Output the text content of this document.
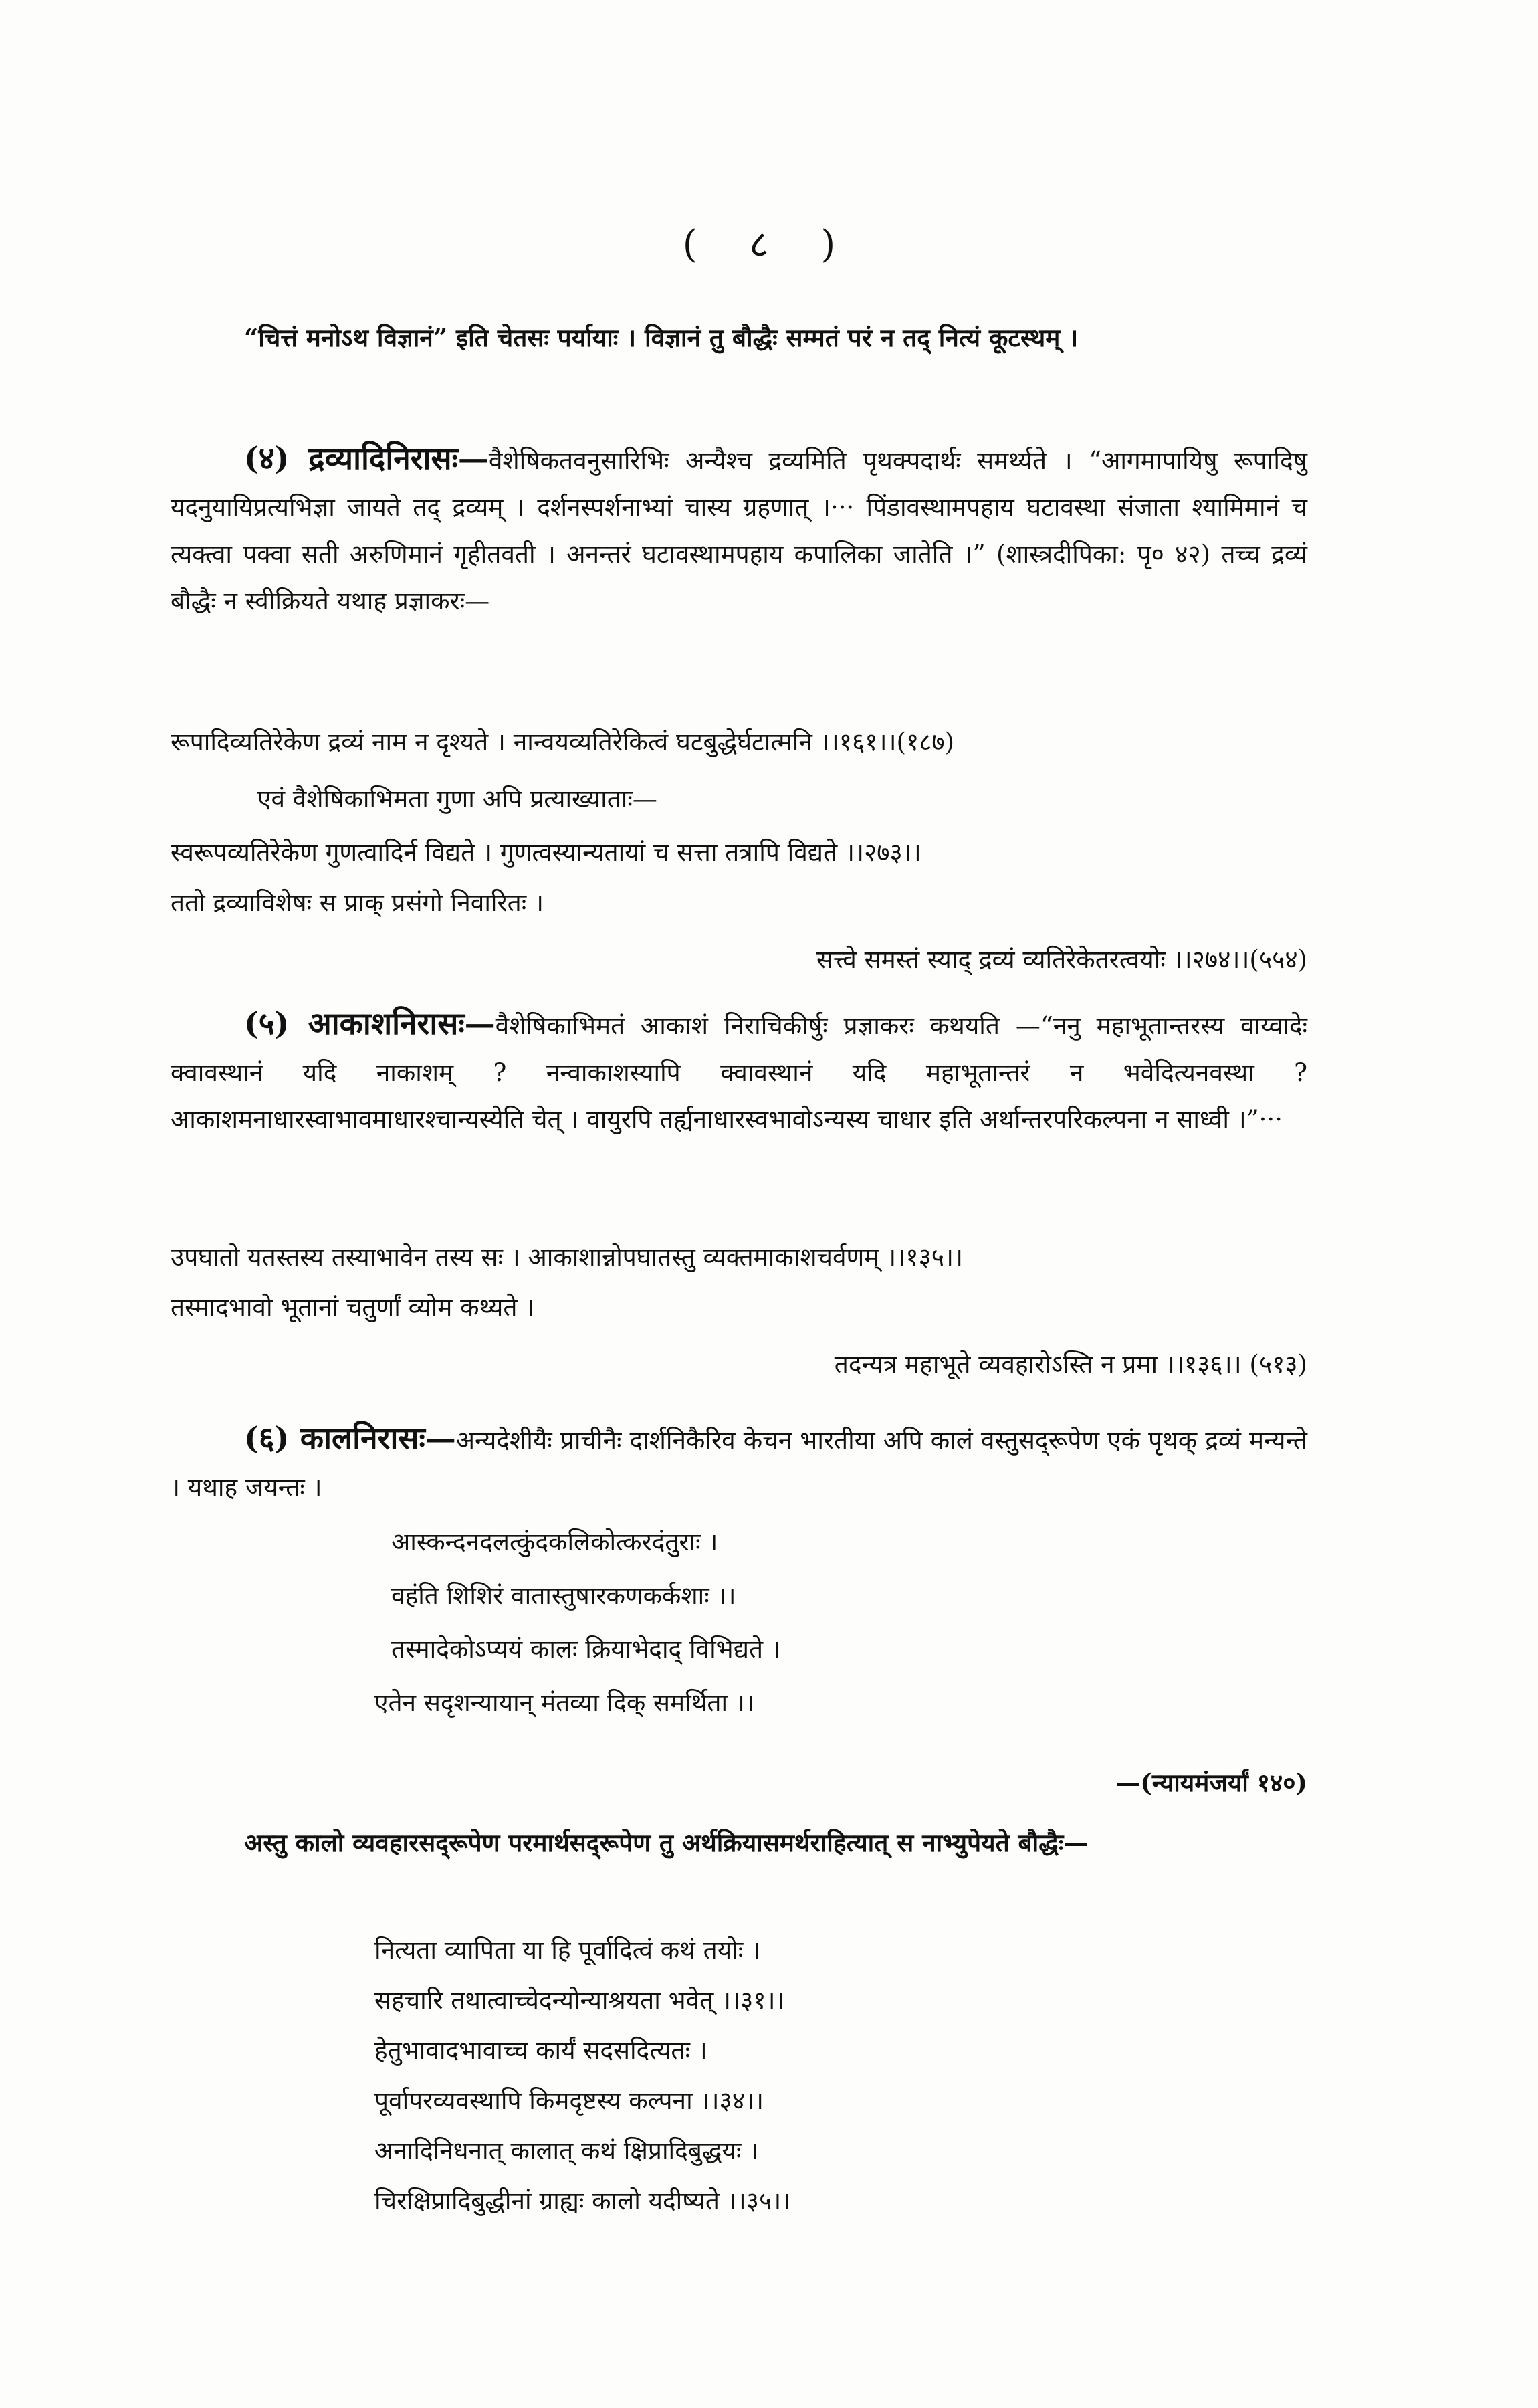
( ८ )
“चित्तं मनोऽथ विज्ञानं” इति चेतसः पर्यायाः । विज्ञानं तु बौद्धैः सम्मतं परं न तद् नित्यं कूटस्थम् ।
(४) द्रव्यादिनिरासः—वैशेषिकतवनुसारिभिः अन्यैश्च द्रव्यमिति पृथक्पदार्थः समर्थ्यते । “आगमापायिषु रूपादिषु यदनुयायिप्रत्यभिज्ञा जायते तद् द्रव्यम् । दर्शनस्पर्शनाभ्यां चास्य ग्रहणात् ।··· पिंडावस्थामपहाय घटावस्था संजाता श्यामिमानं च त्यक्त्वा पक्वा सती अरुणिमानं गृहीतवती । अनन्तरं घटावस्थामपहाय कपालिका जातेति ।” (शास्त्रदीपिका: पृ० ४२) तच्च द्रव्यं बौद्धैः न स्वीक्रियते यथाह प्रज्ञाकरः—
रूपादिव्यतिरेकेण द्रव्यं नाम न दृश्यते । नान्वयव्यतिरेकित्वं घटबुद्धेर्घटात्मनि ।।१६१।।(१८७)
एवं वैशेषिकाभिमता गुणा अपि प्रत्याख्याताः—
स्वरूपव्यतिरेकेण गुणत्वादिर्न विद्यते । गुणत्वस्यान्यतायां च सत्ता तत्रापि विद्यते ।।२७३।।
ततो द्रव्याविशेषः स प्राक् प्रसंगो निवारितः ।
सत्त्वे समस्तं स्याद् द्रव्यं व्यतिरेकेतरत्वयोः ।।२७४।।(५५४)
(५) आकाशनिरासः—वैशेषिकाभिमतं आकाशं निराचिकीर्षुः प्रज्ञाकरः कथयति —“ननु महाभूतान्तरस्य वाय्वादेः क्वावस्थानं यदि नाकाशम् ? नन्वाकाशस्यापि क्वावस्थानं यदि महाभूतान्तरं न भवेदित्यनवस्था ? आकाशमनाधारस्वाभावमाधारश्चान्यस्येति चेत् । वायुरपि तर्ह्यनाधारस्वभावोऽन्यस्य चाधार इति अर्थान्तरपरिकल्पना न साध्वी ।”···
उपघातो यतस्तस्य तस्याभावेन तस्य सः । आकाशान्नोपघातस्तु व्यक्तमाकाशचर्वणम् ।।१३५।।
तस्मादभावो भूतानां चतुर्णां व्योम कथ्यते ।
तदन्यत्र महाभूते व्यवहारोऽस्ति न प्रमा ।।१३६।। (५१३)
(६) कालनिरासः—अन्यदेशीयैः प्राचीनैः दार्शनिकैरिव केचन भारतीया अपि कालं वस्तुसद्‌रूपेण एकं पृथक् द्रव्यं मन्यन्ते । यथाह जयन्तः ।
आस्कन्दनदलत्कुंदकलिकोत्करदंतुराः ।
वहंति शिशिरं वातास्तुषारकणकर्कशाः ।।
तस्मादेकोऽप्ययं कालः क्रियाभेदाद् विभिद्यते ।
एतेन सदृशन्यायान् मंतव्या दिक् समर्थिता ।।
—(न्यायमंजर्यां १४०)
अस्तु कालो व्यवहारसद्‌रूपेण परमार्थसद्‌रूपेण तु अर्थक्रियासमर्थराहित्यात् स नाभ्युपेयते बौद्धैः—
नित्यता व्यापिता या हि पूर्वादित्वं कथं तयोः ।
सहचारि तथात्वाच्चेदन्योन्याश्रयता भवेत् ।।३१।।
हेतुभावादभावाच्च कार्यं सदसदित्यतः ।
पूर्वापरव्यवस्थापि किमदृष्टस्य कल्पना ।।३४।।
अनादिनिधनात् कालात् कथं क्षिप्रादिबुद्धयः ।
चिरक्षिप्रादिबुद्धीनां ग्राह्यः कालो यदीष्यते ।।३५।।
